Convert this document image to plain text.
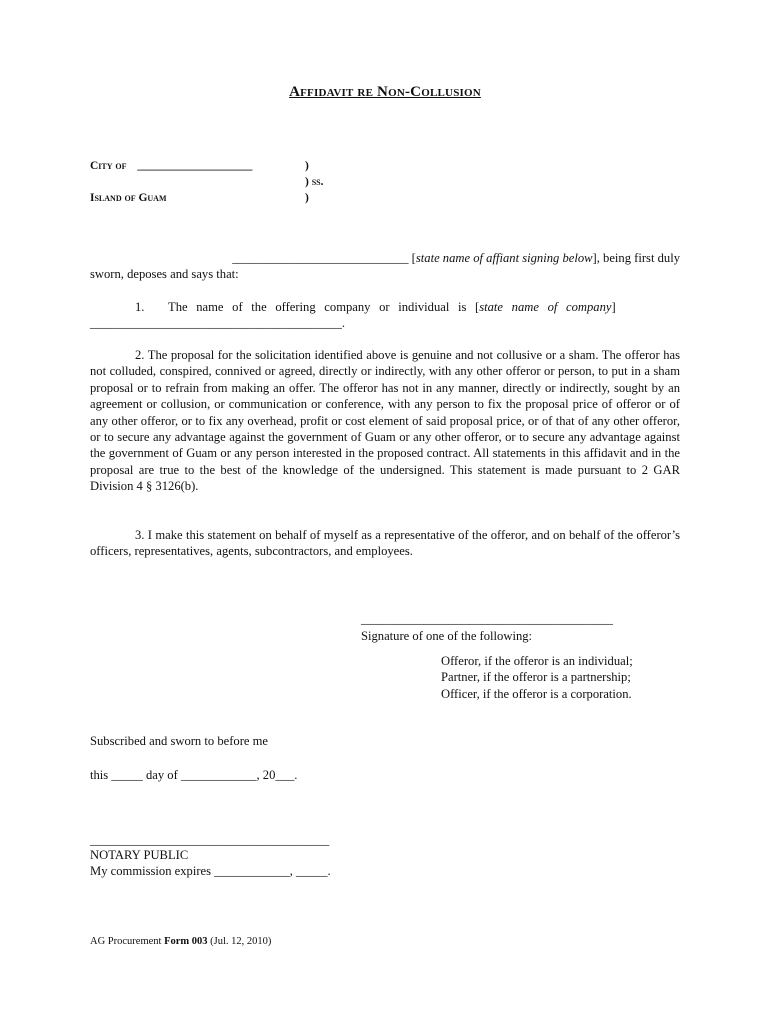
Affidavit re Non-Collusion
City of ____________________	)
) ss.
Island of Guam	)

____________________________ [state name of affiant signing below], being first duly

sworn, deposes and says that:

1. The name of the offering company or individual is [state name of company]

________________________________________.

2. The proposal for the solicitation identified above is genuine and not collusive or a sham. The offeror has not colluded, conspired, connived or agreed, directly or indirectly, with any other offeror or person, to put in a sham proposal or to refrain from making an offer. The offeror has not in any manner, directly or indirectly, sought by an agreement or collusion, or communication or conference, with any person to fix the proposal price of offeror or of any other offeror, or to fix any overhead, profit or cost element of said proposal price, or of that of any other offeror, or to secure any advantage against the government of Guam or any other offeror, or to secure any advantage against the government of Guam or any person interested in the proposed contract. All statements in this affidavit and in the proposal are true to the best of the knowledge of the undersigned. This statement is made pursuant to 2 GAR Division 4 § 3126(b).

3. I make this statement on behalf of myself as a representative of the offeror, and on behalf of the offeror’s officers, representatives, agents, subcontractors, and employees.

________________________________________
Signature of one of the following:
Offeror, if the offeror is an individual;
Partner, if the offeror is a partnership;
Officer, if the offeror is a corporation.
Subscribed and sworn to before me
this _____ day of ____________, 20___.
______________________________________
NOTARY PUBLIC
My commission expires ____________, _____.
AG Procurement Form 003 (Jul. 12, 2010)
